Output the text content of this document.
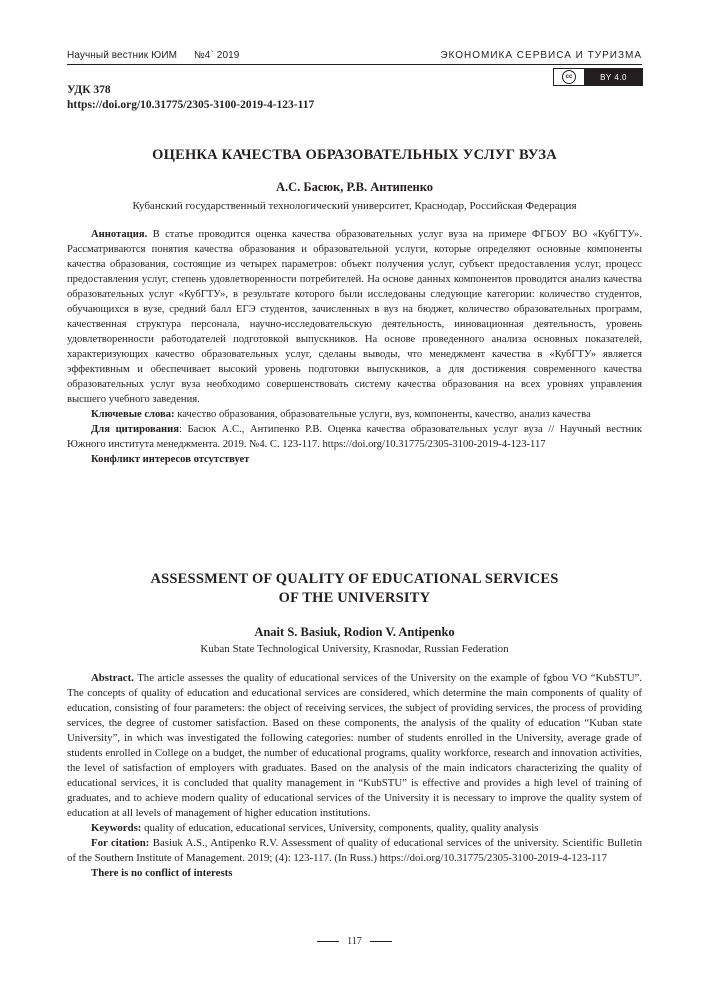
Научный вестник ЮИМ №4` 2019	ЭКОНОМИКА СЕРВИСА И ТУРИЗМА
cc	BY 4.0
УДК 378
https://doi.org/10.31775/2305-3100-2019-4-123-117
ОЦЕНКА КАЧЕСТВА ОБРАЗОВАТЕЛЬНЫХ УСЛУГ ВУЗА
А.С. Басюк, Р.В. Антипенко
Кубанский государственный технологический университет, Краснодар, Российская Федерация

Аннотация. В статье проводится оценка качества образовательных услуг вуза на примере ФГБОУ ВО «КубГТУ». Рассматриваются понятия качества образования и образовательной услуги, которые определяют основные компоненты качества образования, состоящие из четырех параметров: объект получения услуг, субъект предоставления услуг, процесс предоставления услуг, степень удовлетворенности потребителей. На основе данных компонентов проводится анализ качества образовательных услуг «КубГТУ», в результате которого были исследованы следующие категории: количество студентов, обучающихся в вузе, средний балл ЕГЭ студентов, зачисленных в вуз на бюджет, количество образовательных программ, качественная структура персонала, научно-исследовательскую деятельность, инновационная деятельность, уровень удовлетворенности работодателей подготовкой выпускников. На основе проведенного анализа основных показателей, характеризующих качество образовательных услуг, сделаны выводы, что менеджмент качества в «КубГТУ» является эффективным и обеспечивает высокий уровень подготовки выпускников, а для достижения современного качества образовательных услуг вуза необходимо совершенствовать систему качества образования на всех уровнях управления высшего учебного заведения.

Ключевые слова: качество образования, образовательные услуги, вуз, компоненты, качество, анализ качества

Для цитирования: Басюк А.С., Антипенко Р.В. Оценка качества образовательных услуг вуза // Научный вестник Южного института менеджмента. 2019. №4. С. 123-117. https://doi.org/10.31775/2305-3100-2019-4-123-117

Конфликт интересов отсутствует

ASSESSMENT OF QUALITY OF EDUCATIONAL SERVICES
OF THE UNIVERSITY
Anait S. Basiuk, Rodion V. Antipenko
Kuban State Technological University, Krasnodar, Russian Federation

Abstract. The article assesses the quality of educational services of the University on the example of fgbou VO “KubSTU”. The concepts of quality of education and educational services are considered, which determine the main components of quality of education, consisting of four parameters: the object of receiving services, the subject of providing services, the process of providing services, the degree of customer satisfaction. Based on these components, the analysis of the quality of education “Kuban state University”, in which was investigated the following categories: number of students enrolled in the University, average grade of students enrolled in College on a budget, the number of educational programs, quality workforce, research and innovation activities, the level of satisfaction of employers with graduates. Based on the analysis of the main indicators characterizing the quality of educational services, it is concluded that quality management in “KubSTU” is effective and provides a high level of training of graduates, and to achieve modern quality of educational services of the University it is necessary to improve the quality system of education at all levels of management of higher education institutions.

Keywords: quality of education, educational services, University, components, quality, quality analysis

For citation: Basiuk A.S., Antipenko R.V. Assessment of quality of educational services of the university. Scientific Bulletin of the Southern Institute of Management. 2019; (4): 123-117. (In Russ.) https://doi.org/10.31775/2305-3100-2019-4-123-117

There is no conflict of interests

117
